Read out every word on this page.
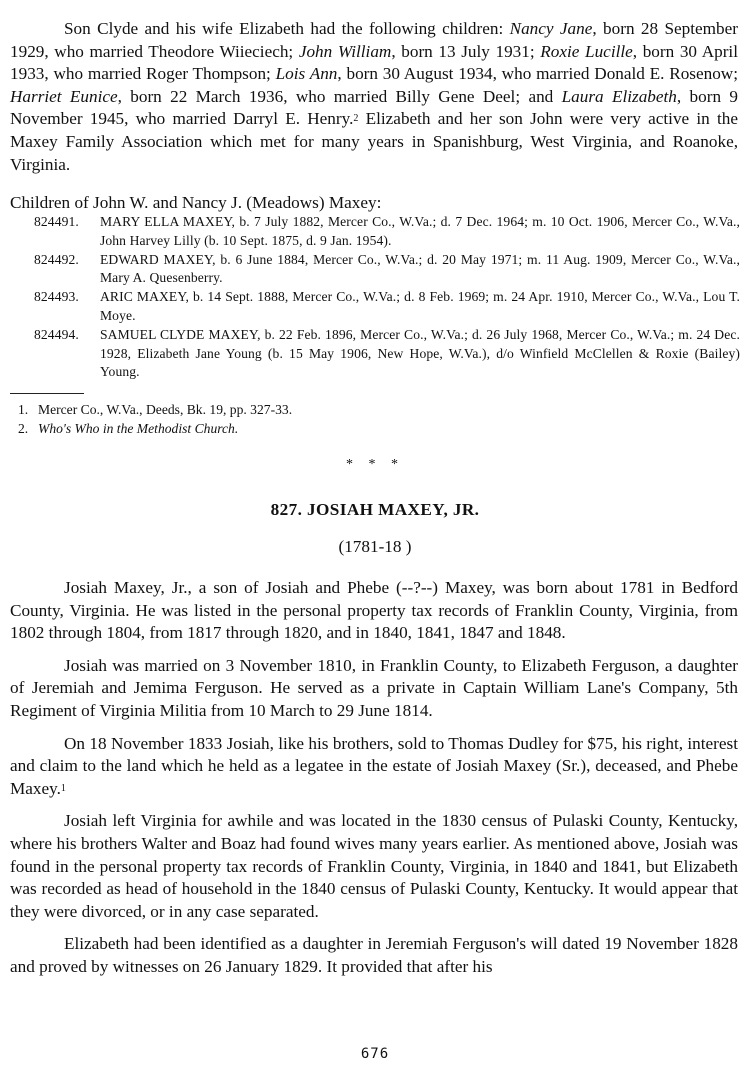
Son Clyde and his wife Elizabeth had the following children: Nancy Jane, born 28 September 1929, who married Theodore Wiieciech; John William, born 13 July 1931; Roxie Lucille, born 30 April 1933, who married Roger Thompson; Lois Ann, born 30 August 1934, who married Donald E. Rosenow; Harriet Eunice, born 22 March 1936, who married Billy Gene Deel; and Laura Elizabeth, born 9 November 1945, who married Darryl E. Henry.$^2$ Elizabeth and her son John were very active in the Maxey Family Association which met for many years in Spanishburg, West Virginia, and Roanoke, Virginia.

Children of John W. and Nancy J. (Meadows) Maxey:

824491.	MARY ELLA MAXEY, b. 7 July 1882, Mercer Co., W.Va.; d. 7 Dec. 1964; m. 10 Oct. 1906, Mercer Co., W.Va., John Harvey Lilly (b. 10 Sept. 1875, d. 9 Jan. 1954).
824492.	EDWARD MAXEY, b. 6 June 1884, Mercer Co., W.Va.; d. 20 May 1971; m. 11 Aug. 1909, Mercer Co., W.Va., Mary A. Quesenberry.
824493.	ARIC MAXEY, b. 14 Sept. 1888, Mercer Co., W.Va.; d. 8 Feb. 1969; m. 24 Apr. 1910, Mercer Co., W.Va., Lou T. Moye.
824494.	SAMUEL CLYDE MAXEY, b. 22 Feb. 1896, Mercer Co., W.Va.; d. 26 July 1968, Mercer Co., W.Va.; m. 24 Dec. 1928, Elizabeth Jane Young (b. 15 May 1906, New Hope, W.Va.), d/o Winfield McClellen & Roxie (Bailey) Young.
1. Mercer Co., W.Va., Deeds, Bk. 19, pp. 327-33.
2. Who's Who in the Methodist Church.
* * *
827. JOSIAH MAXEY, JR.
(1781-18 )

Josiah Maxey, Jr., a son of Josiah and Phebe (--?--) Maxey, was born about 1781 in Bedford County, Virginia. He was listed in the personal property tax records of Franklin County, Virginia, from 1802 through 1804, from 1817 through 1820, and in 1840, 1841, 1847 and 1848.

Josiah was married on 3 November 1810, in Franklin County, to Elizabeth Ferguson, a daughter of Jeremiah and Jemima Ferguson. He served as a private in Captain William Lane's Company, 5th Regiment of Virginia Militia from 10 March to 29 June 1814.

On 18 November 1833 Josiah, like his brothers, sold to Thomas Dudley for $75, his right, interest and claim to the land which he held as a legatee in the estate of Josiah Maxey (Sr.), deceased, and Phebe Maxey.$^1$

Josiah left Virginia for awhile and was located in the 1830 census of Pulaski County, Kentucky, where his brothers Walter and Boaz had found wives many years earlier. As mentioned above, Josiah was found in the personal property tax records of Franklin County, Virginia, in 1840 and 1841, but Elizabeth was recorded as head of household in the 1840 census of Pulaski County, Kentucky. It would appear that they were divorced, or in any case separated.

Elizabeth had been identified as a daughter in Jeremiah Ferguson's will dated 19 November 1828 and proved by witnesses on 26 January 1829. It provided that after his

676
